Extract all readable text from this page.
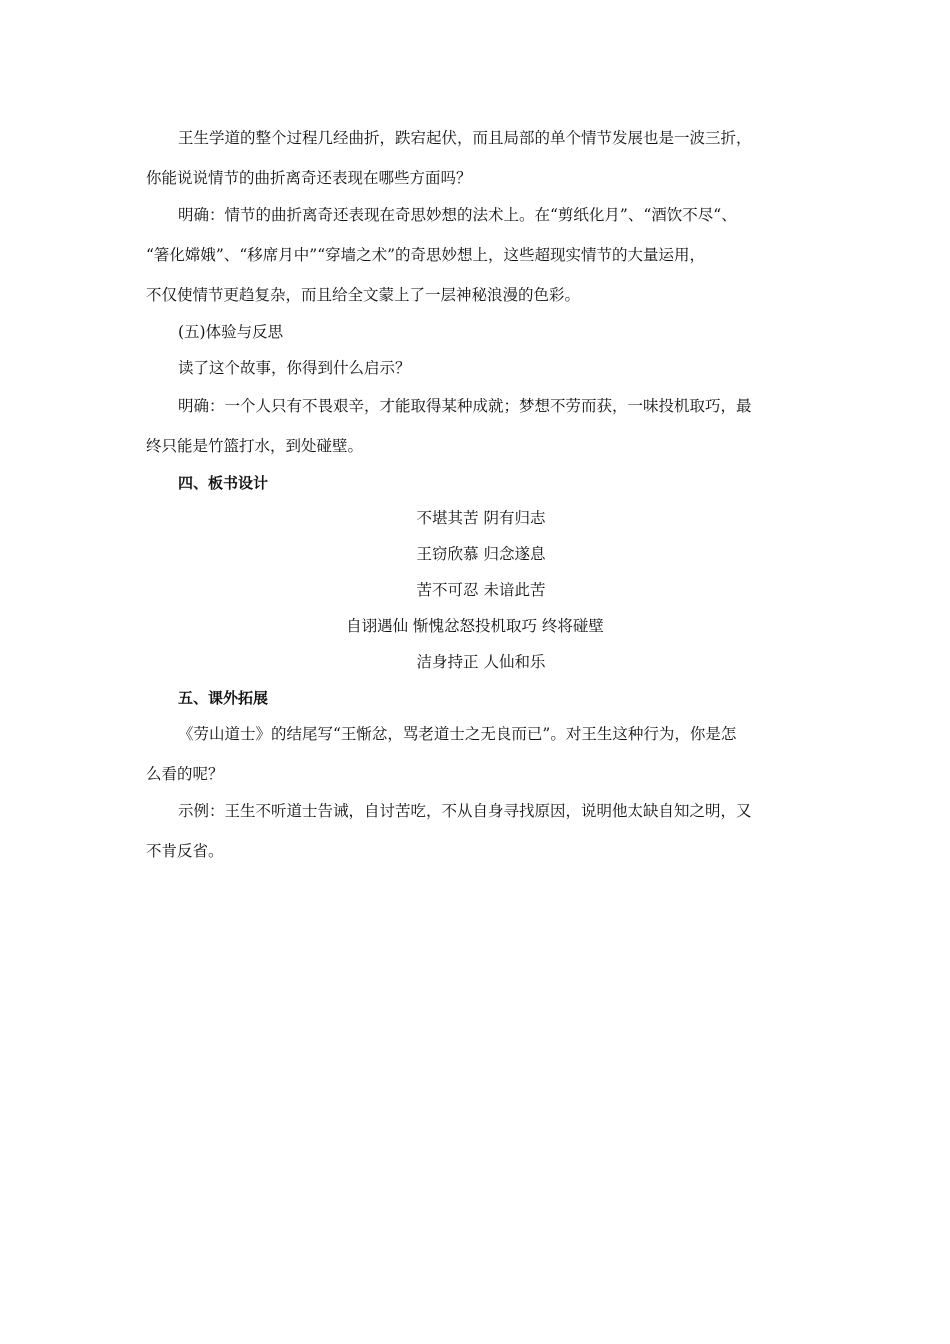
王生学道的整个过程几经曲折，跌宕起伏，而且局部的单个情节发展也是一波三折，
你能说说情节的曲折离奇还表现在哪些方面吗？
明确：情节的曲折离奇还表现在奇思妙想的法术上。在“剪纸化月”、“酒饮不尽“、
“箸化嫦娥”、“移席月中”“穿墙之术”的奇思妙想上，这些超现实情节的大量运用，
不仅使情节更趋复杂，而且给全文蒙上了一层神秘浪漫的色彩。
(五)体验与反思
读了这个故事，你得到什么启示？
明确：一个人只有不畏艰辛，才能取得某种成就；梦想不劳而获，一味投机取巧，最
终只能是竹篮打水，到处碰壁。
四、板书设计
不堪其苦 阴有归志
王窃欣慕 归念遂息
苦不可忍 未谙此苦
自诩遇仙 惭愧忿怒投机取巧 终将碰壁
洁身持正 人仙和乐
五、课外拓展
《劳山道士》的结尾写“王惭忿，骂老道士之无良而已”。对王生这种行为，你是怎
么看的呢？
示例：王生不听道士告诫，自讨苦吃，不从自身寻找原因，说明他太缺自知之明，又
不肯反省。
